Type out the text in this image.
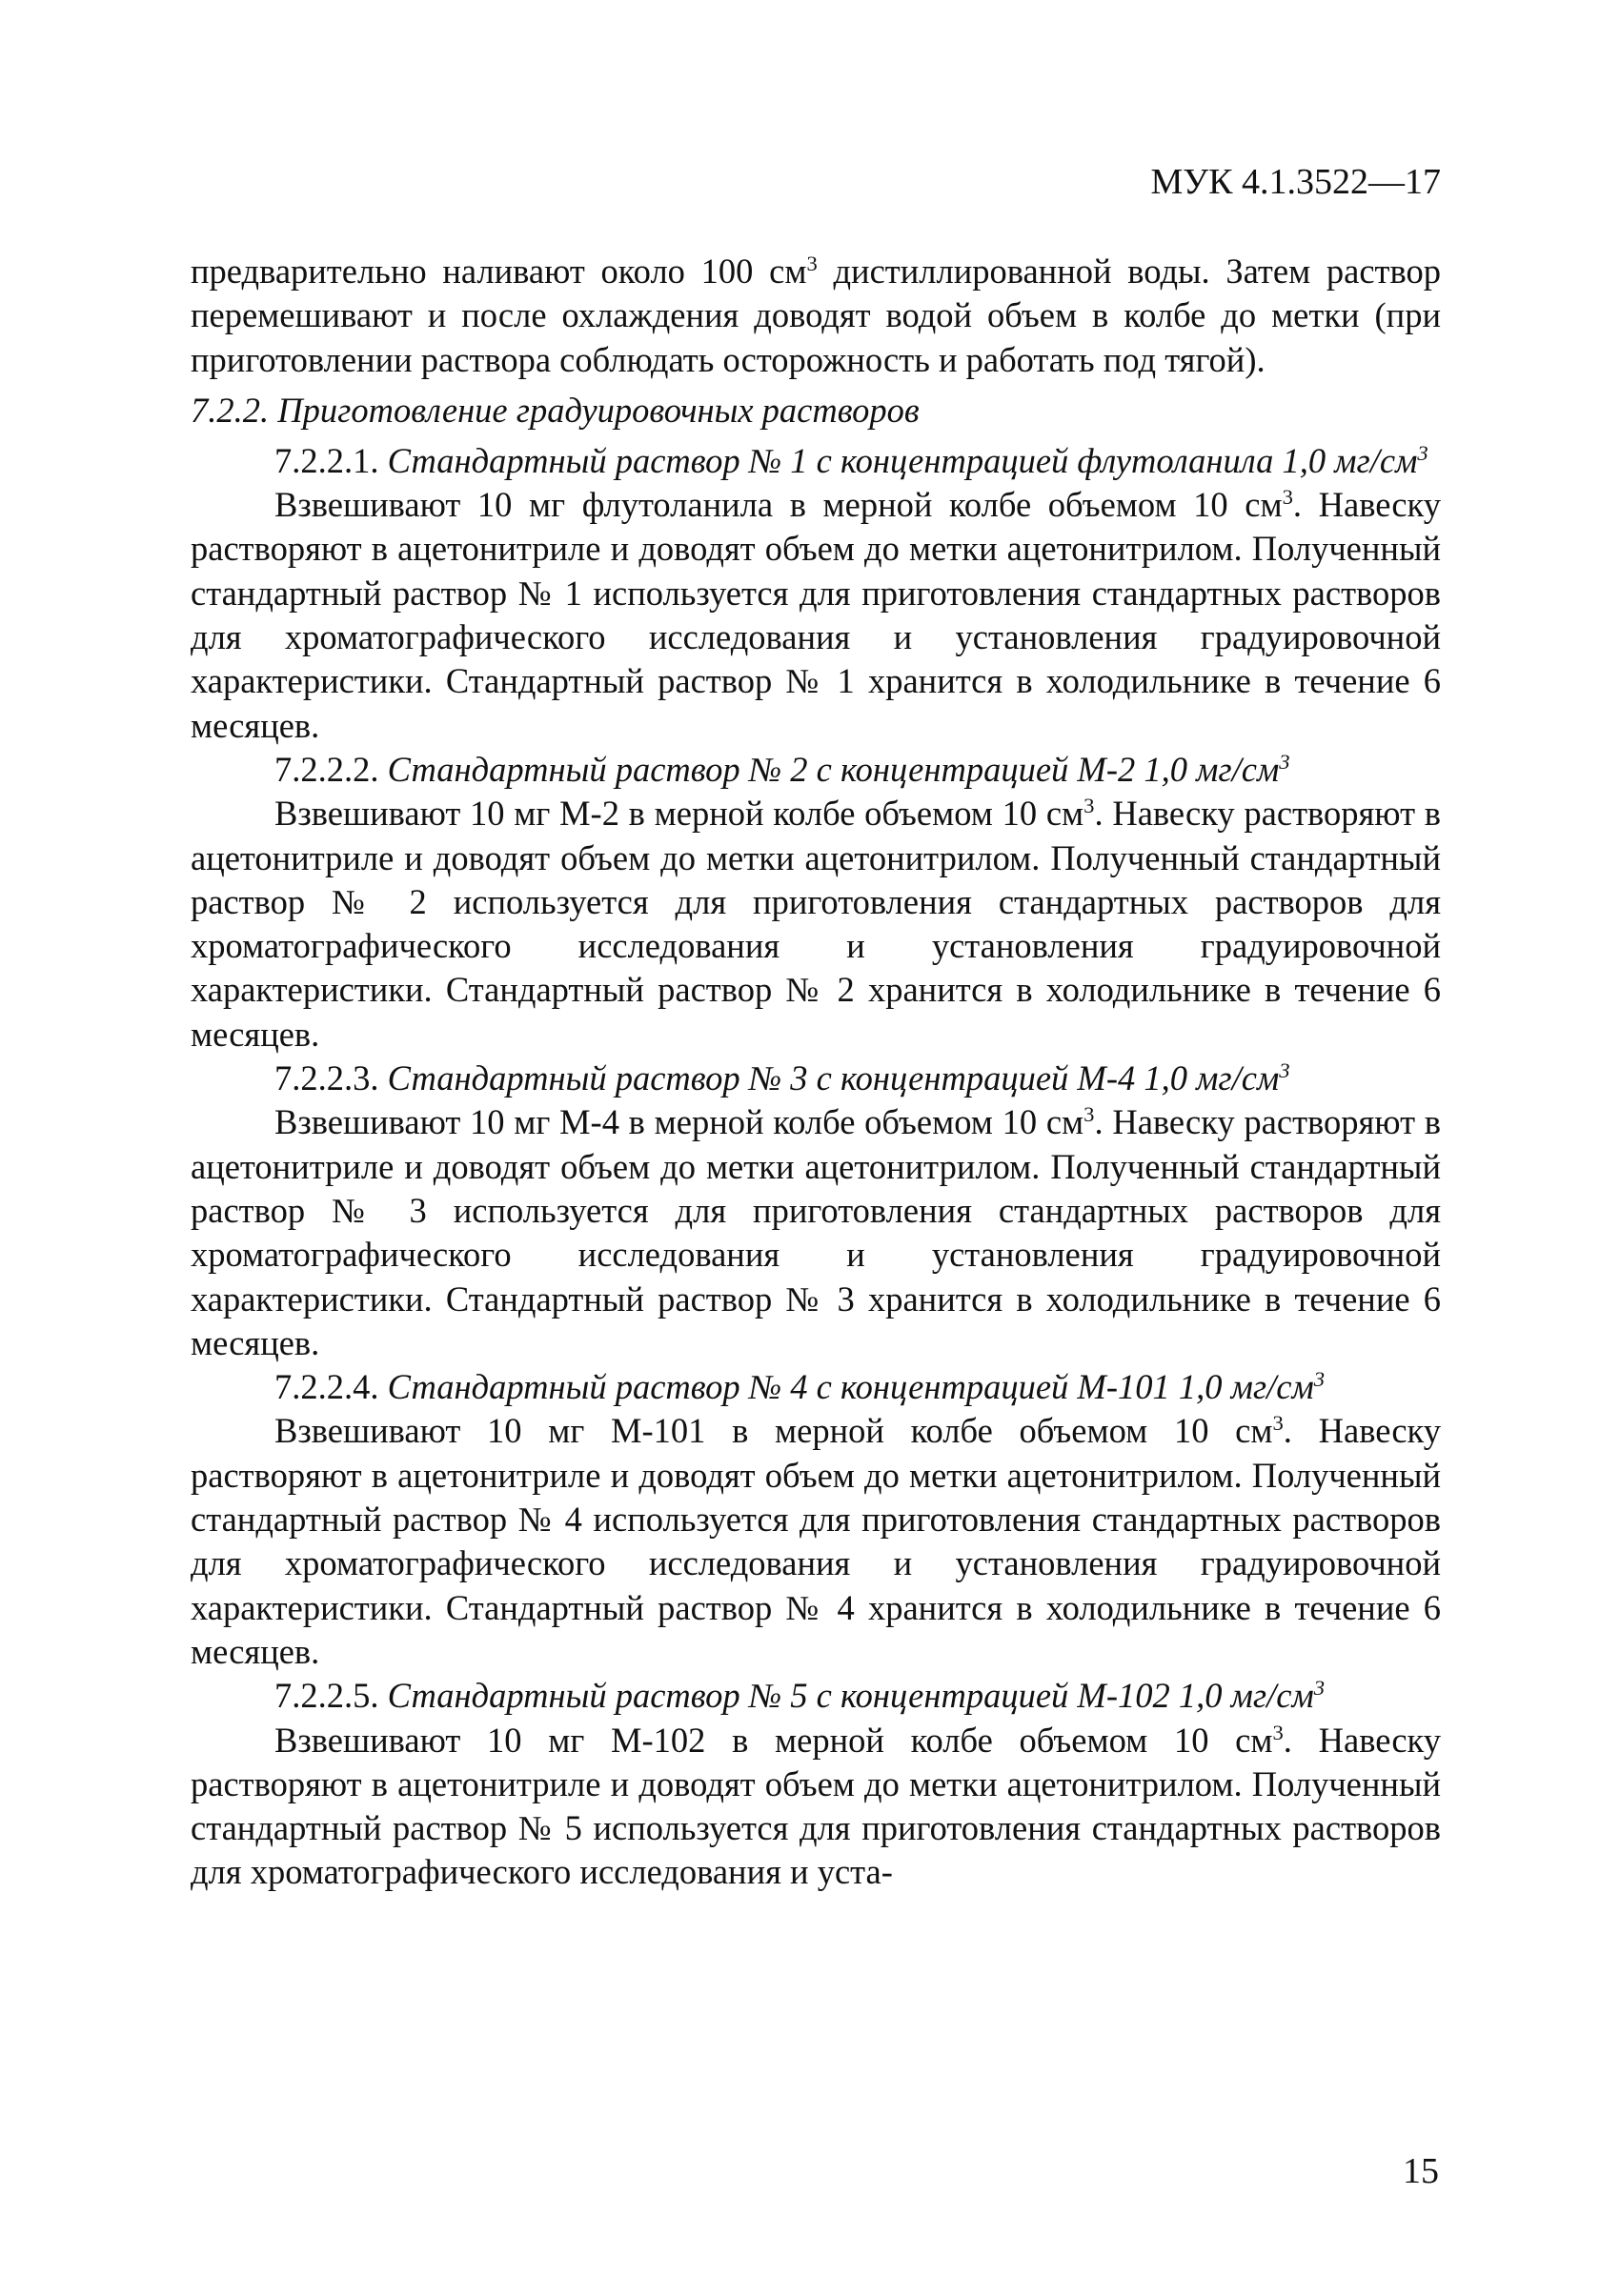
МУК 4.1.3522—17

предварительно наливают около 100 $см^3$ дистиллированной воды. Затем раствор перемешивают и после охлаждения доводят водой объем в колбе до метки (при приготовлении раствора соблюдать осторожность и работать под тягой).

7.2.2. Приготовление градуировочных растворов

7.2.2.1. Стандартный раствор № 1 с концентрацией флутоланила 1,0 $мг/см^3$

Взвешивают 10 мг флутоланила в мерной колбе объемом 10 $см^3$. Навеску растворяют в ацетонитриле и доводят объем до метки ацетонитрилом. Полученный стандартный раствор № 1 используется для приготовления стандартных растворов для хроматографического исследования и установления градуировочной характеристики. Стандартный раствор № 1 хранится в холодильнике в течение 6 месяцев.

7.2.2.2. Стандартный раствор № 2 с концентрацией М-2 1,0 $мг/см^3$

Взвешивают 10 мг М-2 в мерной колбе объемом 10 $см^3$. Навеску растворяют в ацетонитриле и доводят объем до метки ацетонитрилом. Полученный стандартный раствор № 2 используется для приготовления стандартных растворов для хроматографического исследования и установления градуировочной характеристики. Стандартный раствор № 2 хранится в холодильнике в течение 6 месяцев.

7.2.2.3. Стандартный раствор № 3 с концентрацией М-4 1,0 $мг/см^3$

Взвешивают 10 мг М-4 в мерной колбе объемом 10 $см^3$. Навеску растворяют в ацетонитриле и доводят объем до метки ацетонитрилом. Полученный стандартный раствор № 3 используется для приготовления стандартных растворов для хроматографического исследования и установления градуировочной характеристики. Стандартный раствор № 3 хранится в холодильнике в течение 6 месяцев.

7.2.2.4. Стандартный раствор № 4 с концентрацией М-101 1,0 $мг/см^3$

Взвешивают 10 мг М-101 в мерной колбе объемом 10 $см^3$. Навеску растворяют в ацетонитриле и доводят объем до метки ацетонитрилом. Полученный стандартный раствор № 4 используется для приготовления стандартных растворов для хроматографического исследования и установления градуировочной характеристики. Стандартный раствор № 4 хранится в холодильнике в течение 6 месяцев.

7.2.2.5. Стандартный раствор № 5 с концентрацией М-102 1,0 $мг/см^3$

Взвешивают 10 мг М-102 в мерной колбе объемом 10 $см^3$. Навеску растворяют в ацетонитриле и доводят объем до метки ацетонитрилом. Полученный стандартный раствор № 5 используется для приготовления стандартных растворов для хроматографического исследования и уста-

15
